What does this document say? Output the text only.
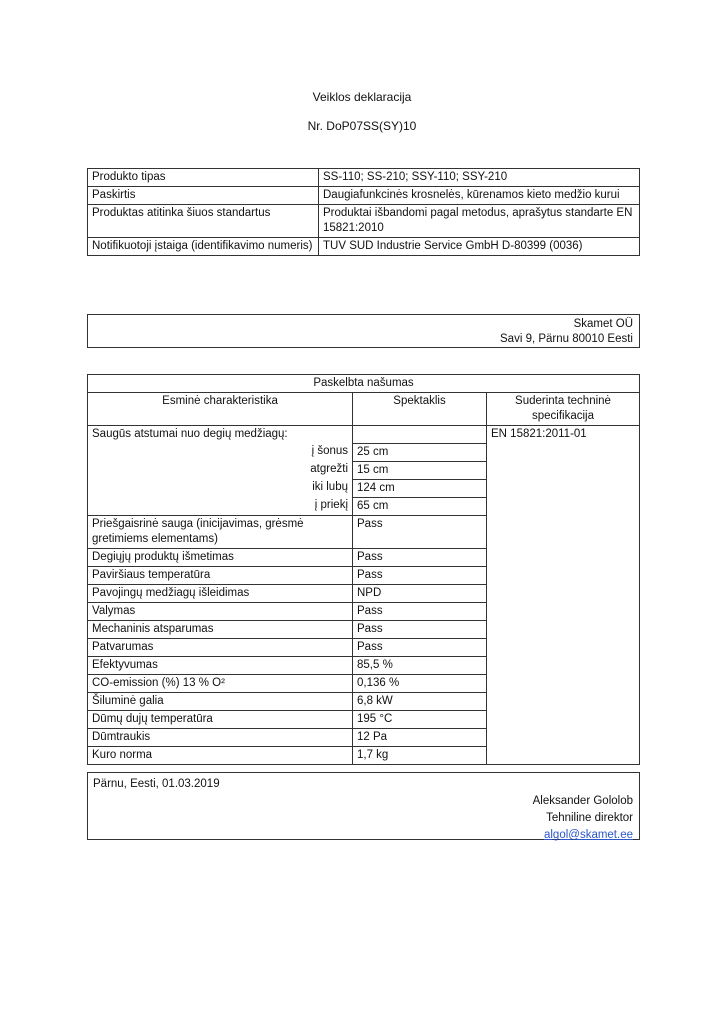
Veiklos deklaracija
Nr. DoP07SS(SY)10
Produkto tipas	SS-110; SS-210; SSY-110; SSY-210
Paskirtis	Daugiafunkcinės krosnelės, kūrenamos kieto medžio kurui
Produktas atitinka šiuos standartus	Produktai išbandomi pagal metodus, aprašytus standarte EN 15821:2010
Notifikuotoji įstaiga (identifikavimo numeris)	TUV SUD Industrie Service GmbH D-80399 (0036)
Skamet OÜ
Savi 9, Pärnu 80010 Eesti
Paskelbta našumas		
Esminė charakteristika	Spektaklis	Suderinta techninė specifikacija
Saugūs atstumai nuo degių medžiagų:		EN 15821:2011-01
į šonus	25 cm	
atgrežti	15 cm	
iki lubų	124 cm	
į priekį	65 cm	
Priešgaisrinė sauga (inicijavimas, grėsmė gretimiems elementams)	Pass	
Degiųjų produktų išmetimas	Pass	
Paviršiaus temperatūra	Pass	
Pavojingų medžiagų išleidimas	NPD	
Valymas	Pass	
Mechaninis atsparumas	Pass	
Patvarumas	Pass	
Efektyvumas	85,5 %	
CO-emission (%) 13 % O²	0,136 %	
Šiluminė galia	6,8 kW	
Dūmų dujų temperatūra	195 °C	
Dūmtraukis	12 Pa	
Kuro norma	1,7 kg	
Pärnu, Eesti, 01.03.2019
Aleksander Gololob
Tehniline direktor
algol@skamet.ee
